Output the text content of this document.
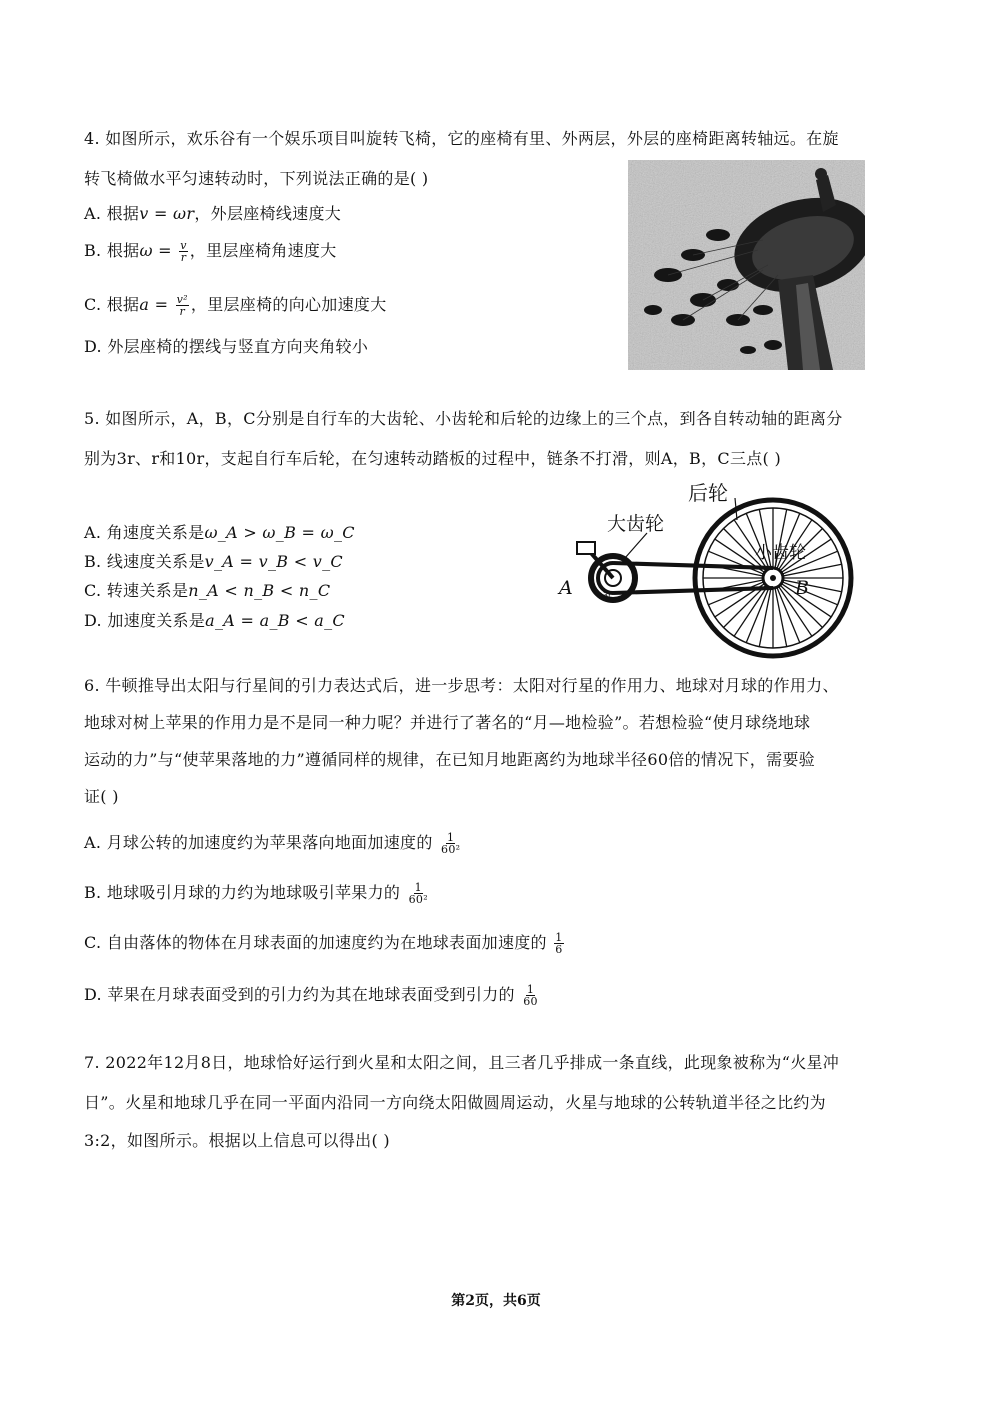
4. 如图所示，欢乐谷有一个娱乐项目叫旋转飞椅，它的座椅有里、外两层，外层的座椅距离转轴远。在旋
转飞椅做水平匀速转动时，下列说法正确的是( )
A. 根据v = ωr，外层座椅线速度大
B. 根据$\omega = \frac{v}{r}$ ，里层座椅角速度大
C. 根据$a = \frac{\text{v²}}{r}$ ，里层座椅的向心加速度大
D. 外层座椅的摆线与竖直方向夹角较小
5. 如图所示，A，B，C分别是自行车的大齿轮、小齿轮和后轮的边缘上的三个点，到各自转动轴的距离分
别为3r、r和10r，支起自行车后轮，在匀速转动踏板的过程中，链条不打滑，则A，B，C三点( )
A. 角速度关系是ω_A > ω_B = ω_C
B. 线速度关系是v_A = v_B < v_C
C. 转速关系是n_A < n_B < n_C
D. 加速度关系是a_A = a_B < a_C
3r
后轮
大齿轮
小齿轮
A	B
6. 牛顿推导出太阳与行星间的引力表达式后，进一步思考：太阳对行星的作用力、地球对月球的作用力、
地球对树上苹果的作用力是不是同一种力呢？并进行了著名的“月—地检验”。若想检验“使月球绕地球
运动的力”与“使苹果落地的力”遵循同样的规律，在已知月地距离约为地球半径60倍的情况下，需要验
证( )
A. 月球公转的加速度约为苹果落向地面加速度的 $\frac{1}{\text{60²}}$
B. 地球吸引月球的力约为地球吸引苹果力的 $\frac{1}{\text{60²}}$
C. 自由落体的物体在月球表面的加速度约为在地球表面加速度的 $\frac{1}{6}$
D. 苹果在月球表面受到的引力约为其在地球表面受到引力的 $\frac{1}{60}$
7. 2022年12月8日，地球恰好运行到火星和太阳之间，且三者几乎排成一条直线，此现象被称为“火星冲
日”。火星和地球几乎在同一平面内沿同一方向绕太阳做圆周运动，火星与地球的公转轨道半径之比约为
3:2，如图所示。根据以上信息可以得出( )
第2页，共6页
